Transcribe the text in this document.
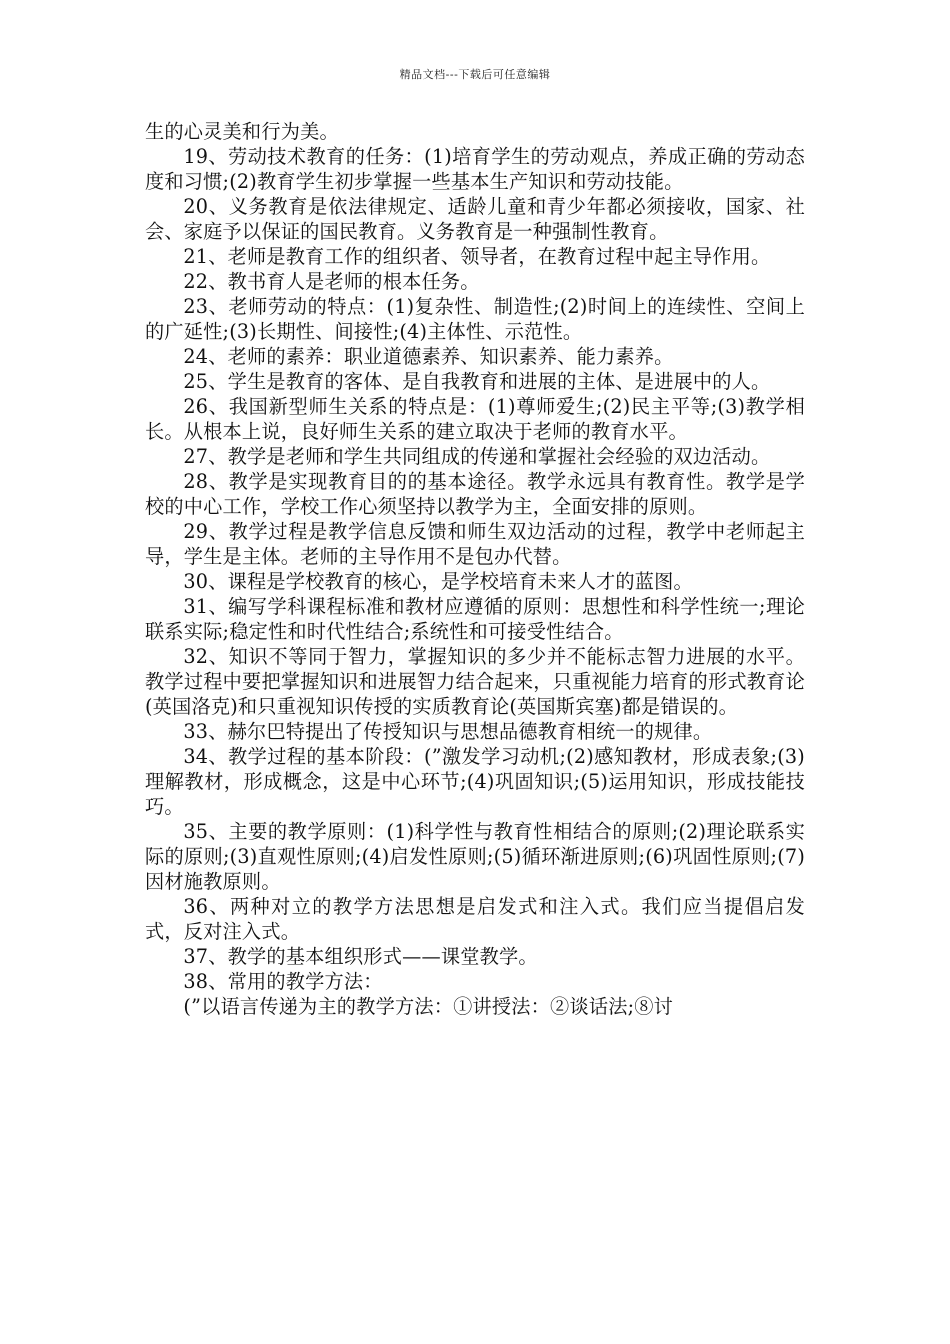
精品文档---下载后可任意编辑

生的心灵美和行为美。

19、劳动技术教育的任务：(1)培育学生的劳动观点，养成正确的劳动态度和习惯;(2)教育学生初步掌握一些基本生产知识和劳动技能。

20、义务教育是依法律规定、适龄儿童和青少年都必须接收，国家、社会、家庭予以保证的国民教育。义务教育是一种强制性教育。

21、老师是教育工作的组织者、领导者，在教育过程中起主导作用。

22、教书育人是老师的根本任务。

23、老师劳动的特点：(1)复杂性、制造性;(2)时间上的连续性、空间上的广延性;(3)长期性、间接性;(4)主体性、示范性。

24、老师的素养：职业道德素养、知识素养、能力素养。

25、学生是教育的客体、是自我教育和进展的主体、是进展中的人。

26、我国新型师生关系的特点是：(1)尊师爱生;(2)民主平等;(3)教学相长。从根本上说，良好师生关系的建立取决于老师的教育水平。

27、教学是老师和学生共同组成的传递和掌握社会经验的双边活动。

28、教学是实现教育目的的基本途径。教学永远具有教育性。教学是学校的中心工作，学校工作心须坚持以教学为主，全面安排的原则。

29、教学过程是教学信息反馈和师生双边活动的过程，教学中老师起主导，学生是主体。老师的主导作用不是包办代替。

30、课程是学校教育的核心，是学校培育未来人才的蓝图。

31、编写学科课程标准和教材应遵循的原则：思想性和科学性统一;理论联系实际;稳定性和时代性结合;系统性和可接受性结合。

32、知识不等同于智力，掌握知识的多少并不能标志智力进展的水平。教学过程中要把掌握知识和进展智力结合起来，只重视能力培育的形式教育论(英国洛克)和只重视知识传授的实质教育论(英国斯宾塞)都是错误的。

33、赫尔巴特提出了传授知识与思想品德教育相统一的规律。

34、教学过程的基本阶段：(”激发学习动机;(2)感知教材，形成表象;(3)理解教材，形成概念，这是中心环节;(4)巩固知识;(5)运用知识，形成技能技巧。

35、主要的教学原则：(1)科学性与教育性相结合的原则;(2)理论联系实际的原则;(3)直观性原则;(4)启发性原则;(5)循环渐进原则;(6)巩固性原则;(7)因材施教原则。

36、两种对立的教学方法思想是启发式和注入式。我们应当提倡启发式，反对注入式。

37、教学的基本组织形式——课堂教学。

38、常用的教学方法：

(”以语言传递为主的教学方法：①讲授法：②谈话法;⑧讨
